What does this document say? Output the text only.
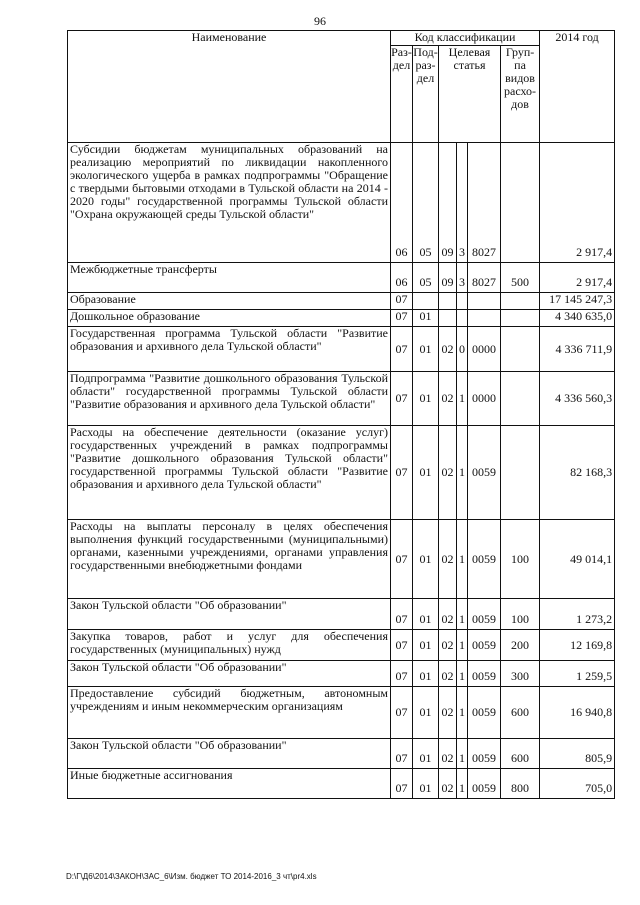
96
Наименование	Код классификации						2014 год
	Раз-дел	Под-раз-дел	Целевая статья			Груп-па видов расхо-дов	
Субсидии бюджетам муниципальных образований на реализацию мероприятий по ликвидации накопленного экологического ущерба в рамках подпрограммы "Обращение с твердыми бытовыми отходами в Тульской области на 2014 - 2020 годы" государственной программы Тульской области "Охрана окружающей среды Тульской области"	06	05	09	3	8027		2 917,4
Межбюджетные трансферты	06	05	09	3	8027	500	2 917,4
Образование	07						17 145 247,3
Дошкольное образование	07	01					4 340 635,0
Государственная программа Тульской области "Развитие образования и архивного дела Тульской области"	07	01	02	0	0000		4 336 711,9
Подпрограмма "Развитие дошкольного образования Тульской области" государственной программы Тульской области "Развитие образования и архивного дела Тульской области"	07	01	02	1	0000		4 336 560,3
Расходы на обеспечение деятельности (оказание услуг) государственных учреждений в рамках подпрограммы "Развитие дошкольного образования Тульской области" государственной программы Тульской области "Развитие образования и архивного дела Тульской области"	07	01	02	1	0059		82 168,3
Расходы на выплаты персоналу в целях обеспечения выполнения функций государственными (муниципальными) органами, казенными учреждениями, органами управления государственными внебюджетными фондами	07	01	02	1	0059	100	49 014,1
Закон Тульской области "Об образовании"	07	01	02	1	0059	100	1 273,2
Закупка товаров, работ и услуг для обеспечения государственных (муниципальных) нужд	07	01	02	1	0059	200	12 169,8
Закон Тульской области "Об образовании"	07	01	02	1	0059	300	1 259,5
Предоставление субсидий бюджетным, автономным учреждениям и иным некоммерческим организациям	07	01	02	1	0059	600	16 940,8
Закон Тульской области "Об образовании"	07	01	02	1	0059	600	805,9
Иные бюджетные ассигнования	07	01	02	1	0059	800	705,0
D:\Г\Д6\2014\ЗАКОН\ЗАС_6\Изм. бюджет ТО 2014-2016_3 чт\pr4.xls
